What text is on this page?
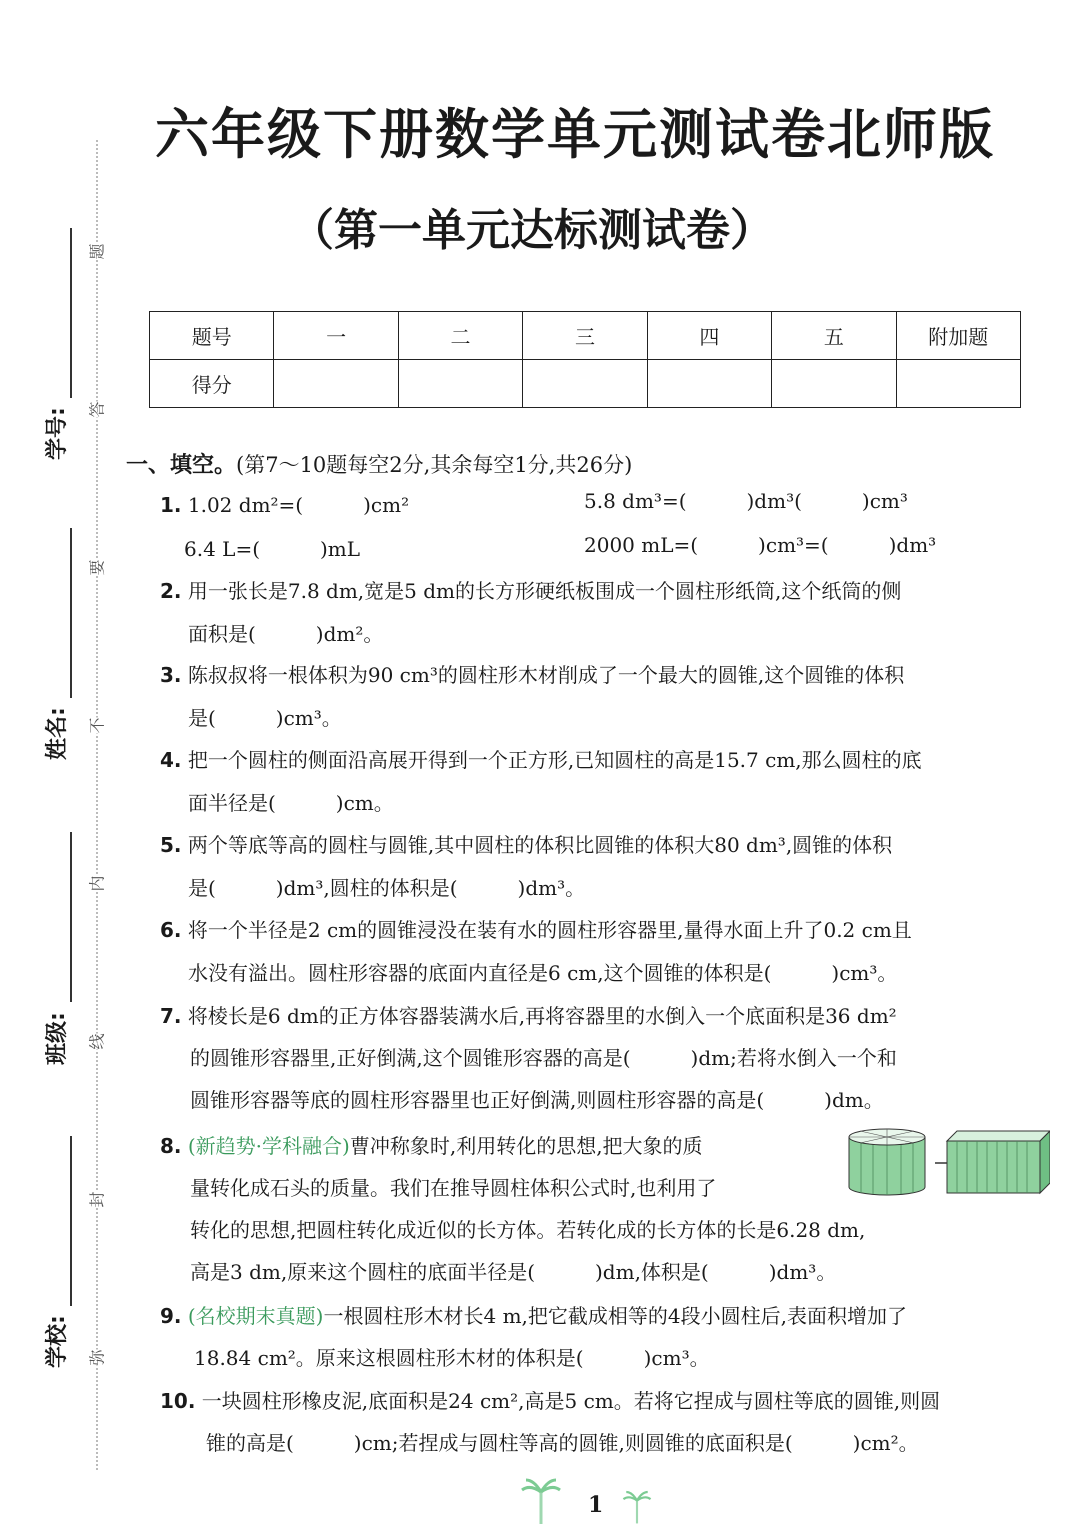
六年级下册数学单元测试卷北师版
（第一单元达标测试卷）
题号	一	二	三	四	五	附加题
得分						
题
答
要
不
内
线
封
弥
学号:
姓名:
班级:
学校:
一、填空。(第7～10题每空2分,其余每空1分,共26分)
1. 1.02 dm²=(　　　)cm²	5.8 dm³=(　　　)dm³(　　　)cm³
6.4 L=(　　　)mL	2000 mL=(　　　)cm³=(　　　)dm³
2. 用一张长是7.8 dm,宽是5 dm的长方形硬纸板围成一个圆柱形纸筒,这个纸筒的侧
面积是(　　　)dm²。
3. 陈叔叔将一根体积为90 cm³的圆柱形木材削成了一个最大的圆锥,这个圆锥的体积
是(　　　)cm³。
4. 把一个圆柱的侧面沿高展开得到一个正方形,已知圆柱的高是15.7 cm,那么圆柱的底
面半径是(　　　)cm。
5. 两个等底等高的圆柱与圆锥,其中圆柱的体积比圆锥的体积大80 dm³,圆锥的体积
是(　　　)dm³,圆柱的体积是(　　　)dm³。
6. 将一个半径是2 cm的圆锥浸没在装有水的圆柱形容器里,量得水面上升了0.2 cm且
水没有溢出。圆柱形容器的底面内直径是6 cm,这个圆锥的体积是(　　　)cm³。
7. 将棱长是6 dm的正方体容器装满水后,再将容器里的水倒入一个底面积是36 dm²
的圆锥形容器里,正好倒满,这个圆锥形容器的高是(　　　)dm;若将水倒入一个和
圆锥形容器等底的圆柱形容器里也正好倒满,则圆柱形容器的高是(　　　)dm。
8. (新趋势·学科融合)曹冲称象时,利用转化的思想,把大象的质
量转化成石头的质量。我们在推导圆柱体积公式时,也利用了
转化的思想,把圆柱转化成近似的长方体。若转化成的长方体的长是6.28 dm,
高是3 dm,原来这个圆柱的底面半径是(　　　)dm,体积是(　　　)dm³。
9. (名校期末真题)一根圆柱形木材长4 m,把它截成相等的4段小圆柱后,表面积增加了
18.84 cm²。原来这根圆柱形木材的体积是(　　　)cm³。
10. 一块圆柱形橡皮泥,底面积是24 cm²,高是5 cm。若将它捏成与圆柱等底的圆锥,则圆
锥的高是(　　　)cm;若捏成与圆柱等高的圆锥,则圆锥的底面积是(　　　)cm²。
1
